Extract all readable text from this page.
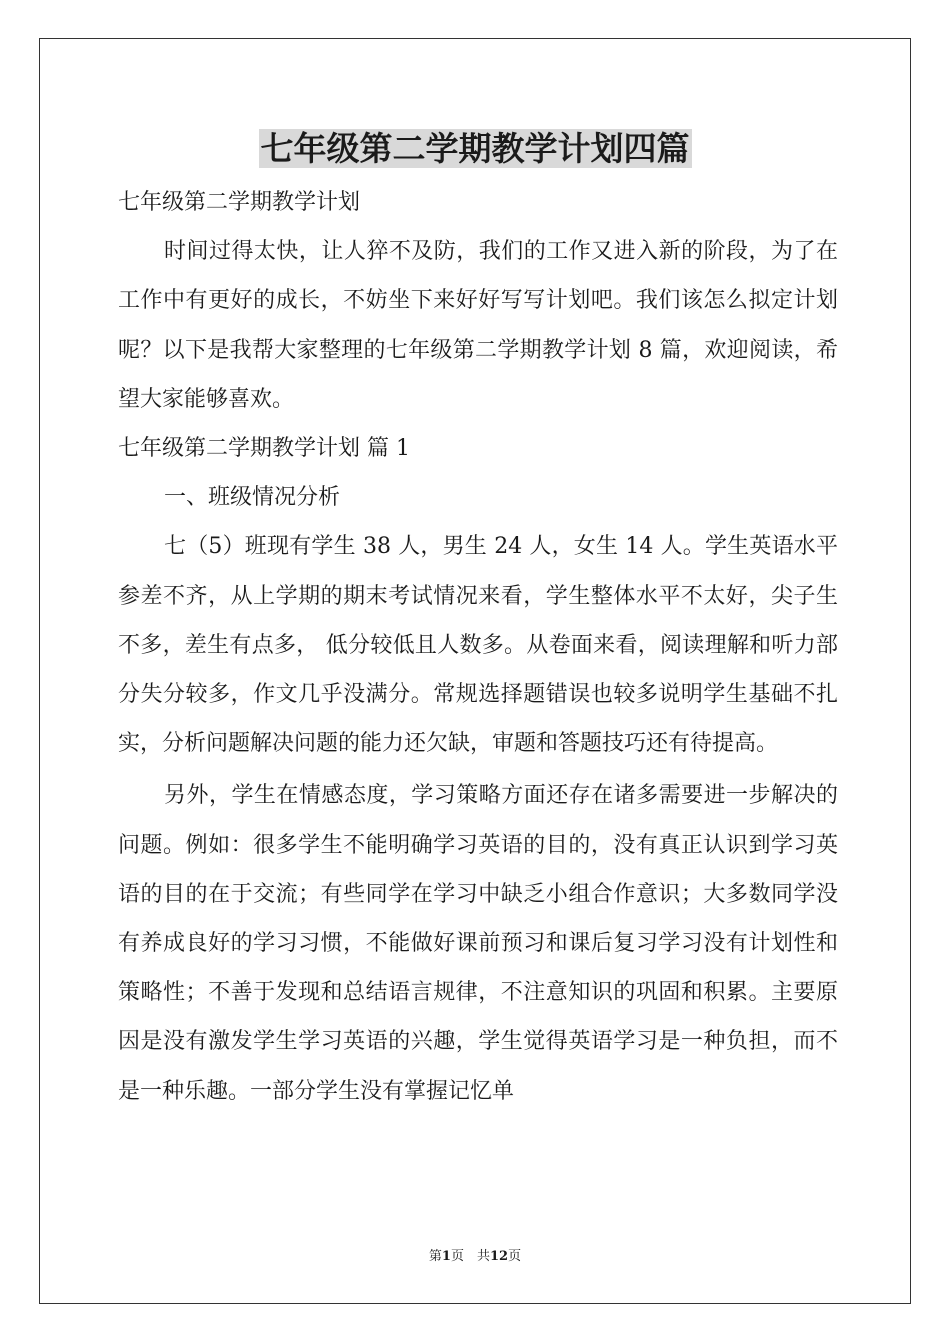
七年级第二学期教学计划四篇

七年级第二学期教学计划

时间过得太快，让人猝不及防，我们的工作又进入新的阶段，为了在工作中有更好的成长，不妨坐下来好好写写计划吧。我们该怎么拟定计划呢？以下是我帮大家整理的七年级第二学期教学计划 8 篇，欢迎阅读，希望大家能够喜欢。

七年级第二学期教学计划 篇 1

一、班级情况分析

七（5）班现有学生 38 人，男生 24 人，女生 14 人。学生英语水平参差不齐，从上学期的期末考试情况来看，学生整体水平不太好，尖子生不多，差生有点多， 低分较低且人数多。从卷面来看，阅读理解和听力部分失分较多，作文几乎没满分。常规选择题错误也较多说明学生基础不扎实，分析问题解决问题的能力还欠缺，审题和答题技巧还有待提高。

另外，学生在情感态度，学习策略方面还存在诸多需要进一步解决的问题。例如：很多学生不能明确学习英语的目的，没有真正认识到学习英语的目的在于交流；有些同学在学习中缺乏小组合作意识；大多数同学没有养成良好的学习习惯，不能做好课前预习和课后复习学习没有计划性和策略性；不善于发现和总结语言规律，不注意知识的巩固和积累。主要原因是没有激发学生学习英语的兴趣，学生觉得英语学习是一种负担，而不是一种乐趣。一部分学生没有掌握记忆单

第1页　共12页
